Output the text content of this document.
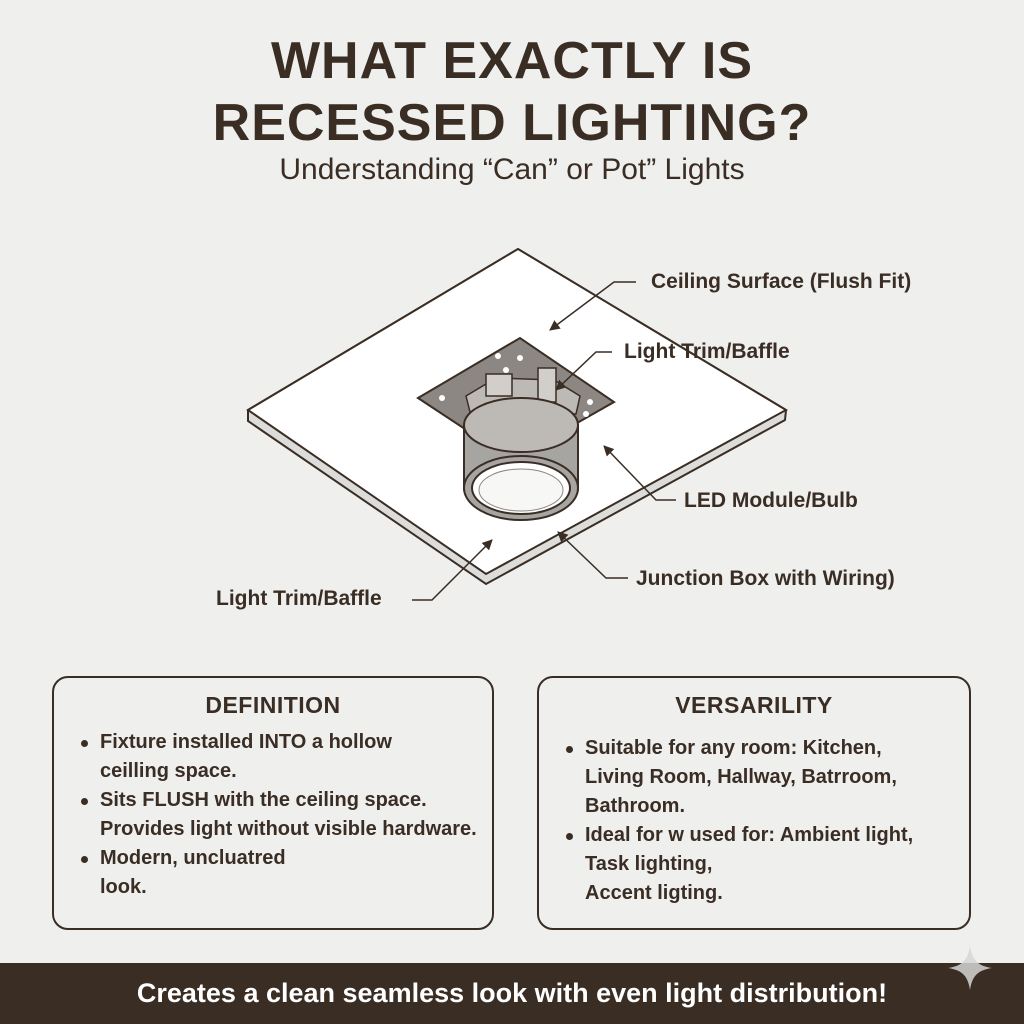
WHAT EXACTLY IS
RECESSED LIGHTING?
Understanding “Can” or Pot” Lights
Ceiling Surface (Flush Fit)
Light Trim/Baffle
LED Module/Bulb
Junction Box with Wiring)
Light Trim/Baffle
DEFINITION
Fixture installed INTO a hollow
ceilling space.
Sits FLUSH with the ceiling space.
Provides light without visible hardware.
Modern, uncluatred
look.
VERSARILITY
Suitable for any room: Kitchen,
Living Room, Hallway, Batrroom,
Bathroom.
Ideal for w used for: Ambient light,
Task lighting,
Accent ligting.
Creates a clean seamless look with even light distribution!
